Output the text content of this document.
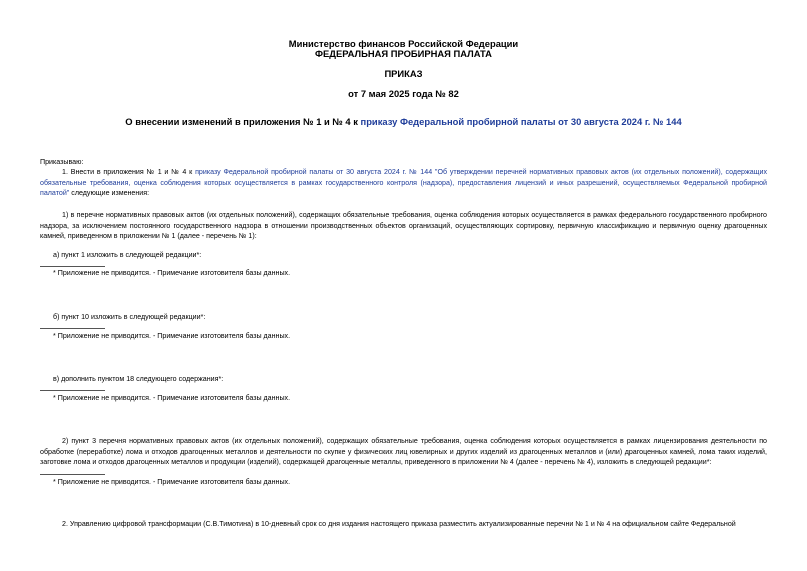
Министерство финансов Российской Федерации
ФЕДЕРАЛЬНАЯ ПРОБИРНАЯ ПАЛАТА
ПРИКАЗ
от 7 мая 2025 года № 82
О внесении изменений в приложения № 1 и № 4 к приказу Федеральной пробирной палаты от 30 августа 2024 г. № 144
Приказываю:
1. Внести в приложения № 1 и № 4 к приказу Федеральной пробирной палаты от 30 августа 2024 г. № 144 "Об утверждении перечней нормативных правовых актов (их отдельных положений), содержащих обязательные требования, оценка соблюдения которых осуществляется в рамках государственного контроля (надзора), предоставления лицензий и иных разрешений, осуществляемых Федеральной пробирной палатой" следующие изменения:
1) в перечне нормативных правовых актов (их отдельных положений), содержащих обязательные требования, оценка соблюдения которых осуществляется в рамках федерального государственного пробирного надзора, за исключением постоянного государственного надзора в отношении производственных объектов организаций, осуществляющих сортировку, первичную классификацию и первичную оценку драгоценных камней, приведенном в приложении № 1 (далее - перечень № 1):
а) пункт 1 изложить в следующей редакции*:
* Приложение не приводится. - Примечание изготовителя базы данных.
б) пункт 10 изложить в следующей редакции*:
* Приложение не приводится. - Примечание изготовителя базы данных.
в) дополнить пунктом 18 следующего содержания*:
* Приложение не приводится. - Примечание изготовителя базы данных.
2) пункт 3 перечня нормативных правовых актов (их отдельных положений), содержащих обязательные требования, оценка соблюдения которых осуществляется в рамках лицензирования деятельности по обработке (переработке) лома и отходов драгоценных металлов и деятельности по скупке у физических лиц ювелирных и других изделий из драгоценных металлов и (или) драгоценных камней, лома таких изделий, заготовке лома и отходов драгоценных металлов и продукции (изделий), содержащей драгоценные металлы, приведенного в приложении № 4 (далее - перечень № 4), изложить в следующей редакции*:
* Приложение не приводится. - Примечание изготовителя базы данных.
2. Управлению цифровой трансформации (С.В.Тимотина) в 10-дневный срок со дня издания настоящего приказа разместить актуализированные перечни № 1 и № 4 на официальном сайте Федеральной
